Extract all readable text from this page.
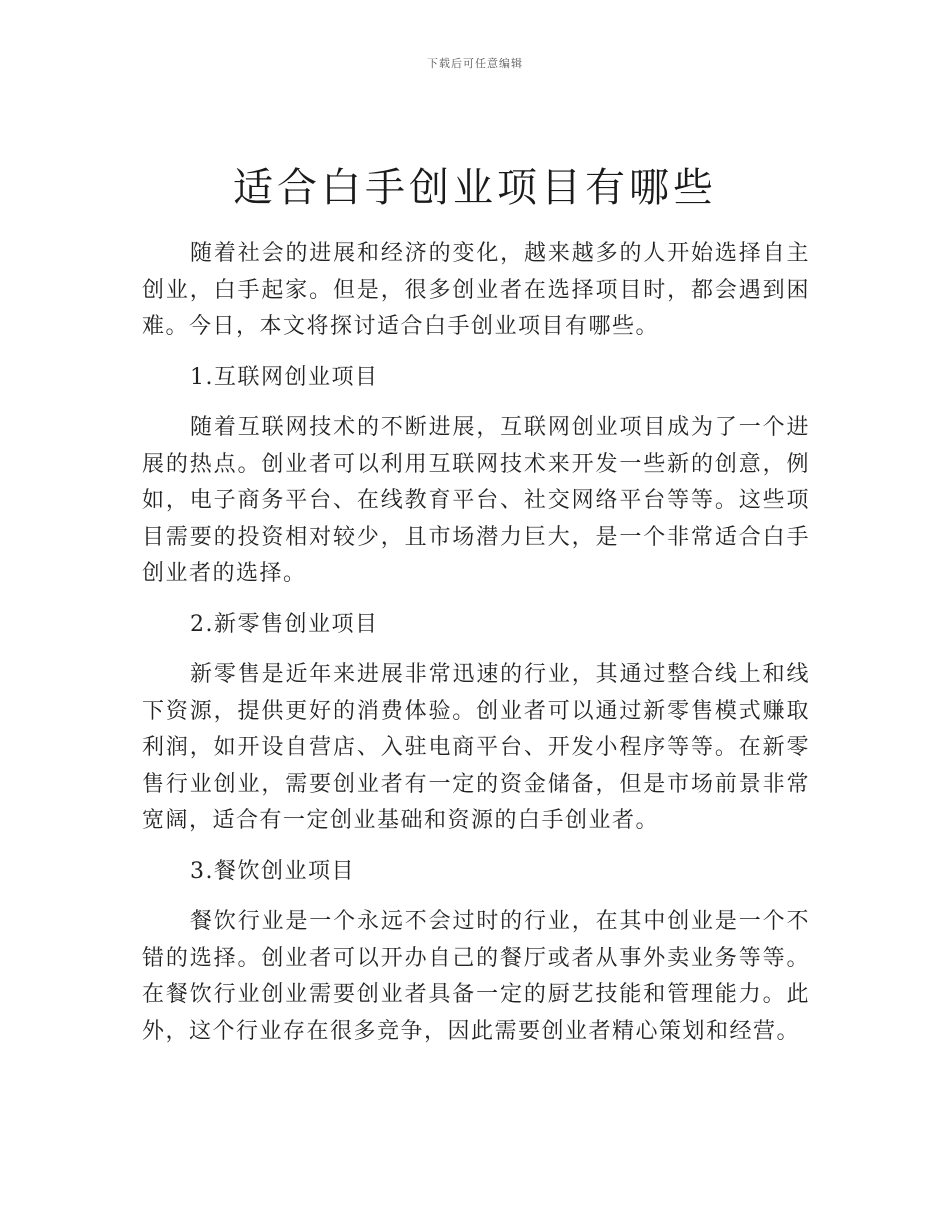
下载后可任意编辑
适合白手创业项目有哪些

随着社会的进展和经济的变化，越来越多的人开始选择自主创业，白手起家。但是，很多创业者在选择项目时，都会遇到困难。今日，本文将探讨适合白手创业项目有哪些。

1.互联网创业项目

随着互联网技术的不断进展，互联网创业项目成为了一个进展的热点。创业者可以利用互联网技术来开发一些新的创意，例如，电子商务平台、在线教育平台、社交网络平台等等。这些项目需要的投资相对较少，且市场潜力巨大，是一个非常适合白手创业者的选择。

2.新零售创业项目

新零售是近年来进展非常迅速的行业，其通过整合线上和线下资源，提供更好的消费体验。创业者可以通过新零售模式赚取利润，如开设自营店、入驻电商平台、开发小程序等等。在新零售行业创业，需要创业者有一定的资金储备，但是市场前景非常宽阔，适合有一定创业基础和资源的白手创业者。

3.餐饮创业项目

餐饮行业是一个永远不会过时的行业，在其中创业是一个不错的选择。创业者可以开办自己的餐厅或者从事外卖业务等等。在餐饮行业创业需要创业者具备一定的厨艺技能和管理能力。此外，这个行业存在很多竞争，因此需要创业者精心策划和经营。
